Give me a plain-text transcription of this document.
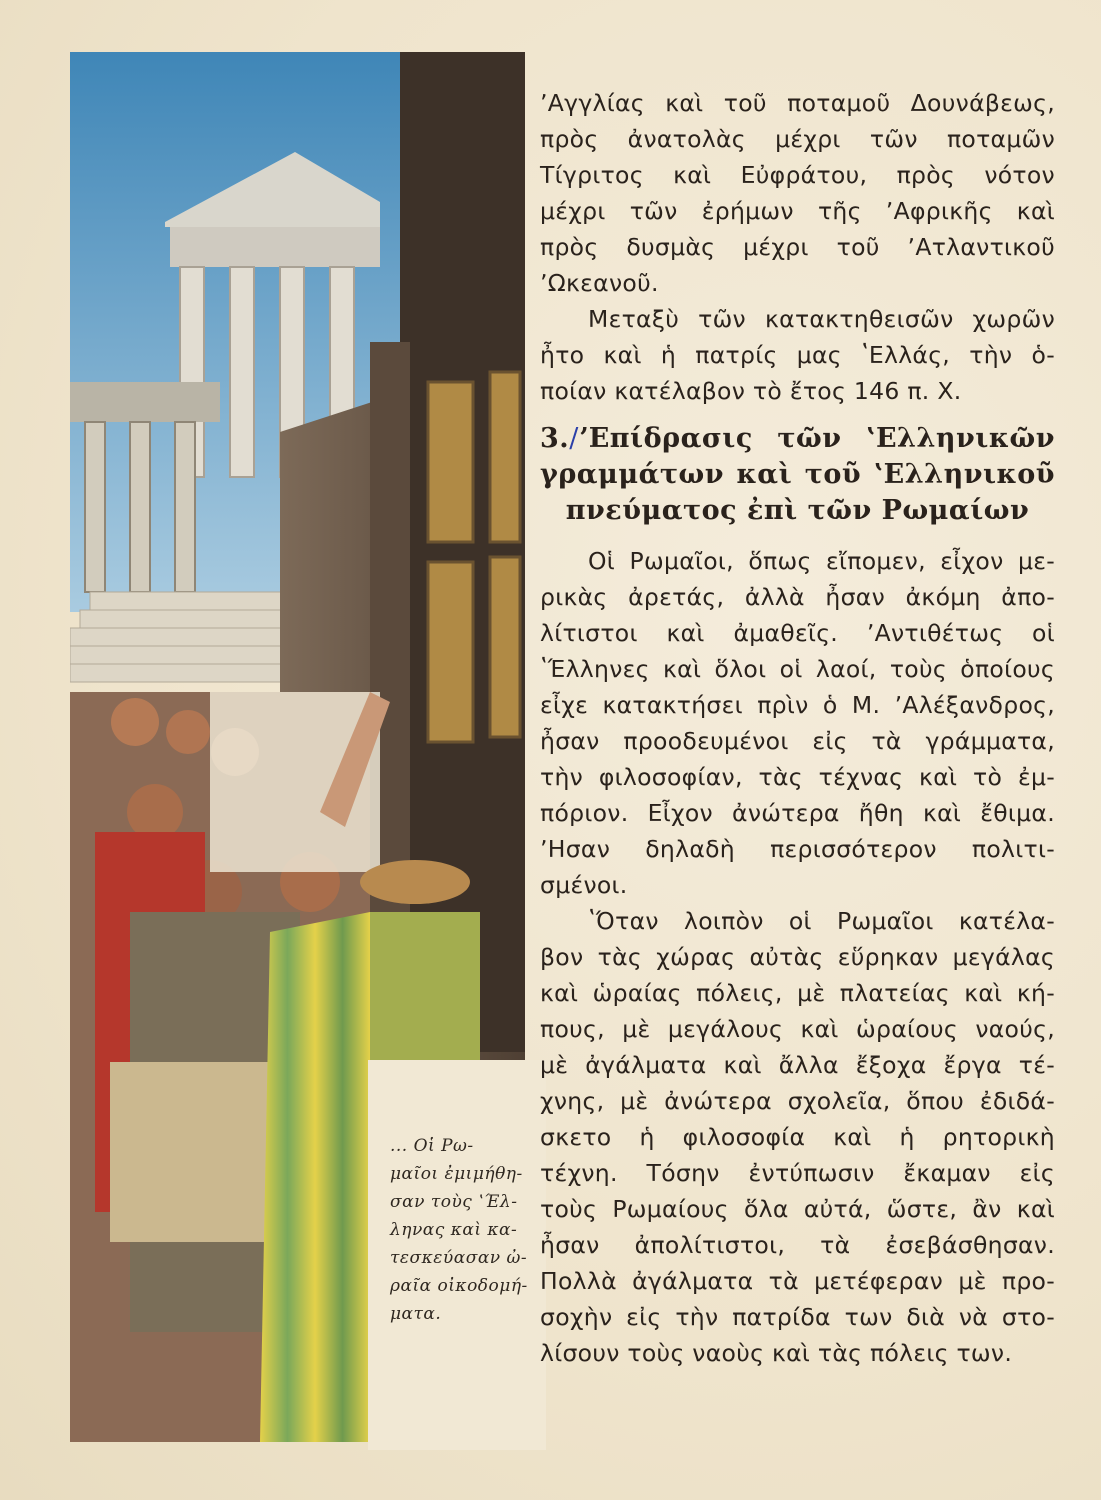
... Οἱ Ρω-
μαῖοι ἐμιμήθη-
σαν τοὺς ʽΈλ-
ληνας καὶ κα-
τεσκεύασαν ὠ-
ραῖα οἰκοδομή-
ματα.

ʼΑγγλίας καὶ τοῦ ποταμοῦ Δουνάβεως,
πρὸς ἀνατολὰς μέχρι τῶν ποταμῶν
Τίγριτος καὶ Εὐφράτου, πρὸς νότον
μέχρι τῶν ἐρήμων τῆς ʼΑφρικῆς καὶ
πρὸς δυσμὰς μέχρι τοῦ ʼΑτλαντικοῦ
ʼΩκεανοῦ.
Μεταξὺ τῶν κατακτηθεισῶν χωρῶν
ἦτο καὶ ἡ πατρίς μας ʽΕλλάς, τὴν ὁ-
ποίαν κατέλαβον τὸ ἔτος 146 π. Χ.
3./ʼΕπίδρασις τῶν ʽΕλληνικῶν
γραμμάτων καὶ τοῦ ʽΕλληνικοῦ
πνεύματος ἐπὶ τῶν Ρωμαίων
Οἱ Ρωμαῖοι, ὅπως εἴπομεν, εἶχον με-
ρικὰς ἀρετάς, ἀλλὰ ἦσαν ἀκόμη ἀπο-
λίτιστοι καὶ ἀμαθεῖς. ʼΑντιθέτως οἱ
ʽΈλληνες καὶ ὅλοι οἱ λαοί, τοὺς ὁποίους
εἶχε κατακτήσει πρὶν ὁ Μ. ʼΑλέξανδρος,
ἦσαν προοδευμένοι εἰς τὰ γράμματα,
τὴν φιλοσοφίαν, τὰς τέχνας καὶ τὸ ἐμ-
πόριον. Εἶχον ἀνώτερα ἤθη καὶ ἔθιμα.
ʼΗσαν δηλαδὴ περισσότερον πολιτι-
σμένοι.
ʽΌταν λοιπὸν οἱ Ρωμαῖοι κατέλα-
βον τὰς χώρας αὐτὰς εὕρηκαν μεγάλας
καὶ ὡραίας πόλεις, μὲ πλατείας καὶ κή-
πους, μὲ μεγάλους καὶ ὡραίους ναούς,
μὲ ἀγάλματα καὶ ἄλλα ἔξοχα ἔργα τέ-
χνης, μὲ ἀνώτερα σχολεῖα, ὅπου ἐδιδά-
σκετο ἡ φιλοσοφία καὶ ἡ ρητορικὴ
τέχνη. Τόσην ἐντύπωσιν ἔκαμαν εἰς
τοὺς Ρωμαίους ὅλα αὐτά, ὥστε, ἂν καὶ
ἦσαν ἀπολίτιστοι, τὰ ἐσεβάσθησαν.
Πολλὰ ἀγάλματα τὰ μετέφεραν μὲ προ-
σοχὴν εἰς τὴν πατρίδα των διὰ νὰ στο-
λίσουν τοὺς ναοὺς καὶ τὰς πόλεις των.
